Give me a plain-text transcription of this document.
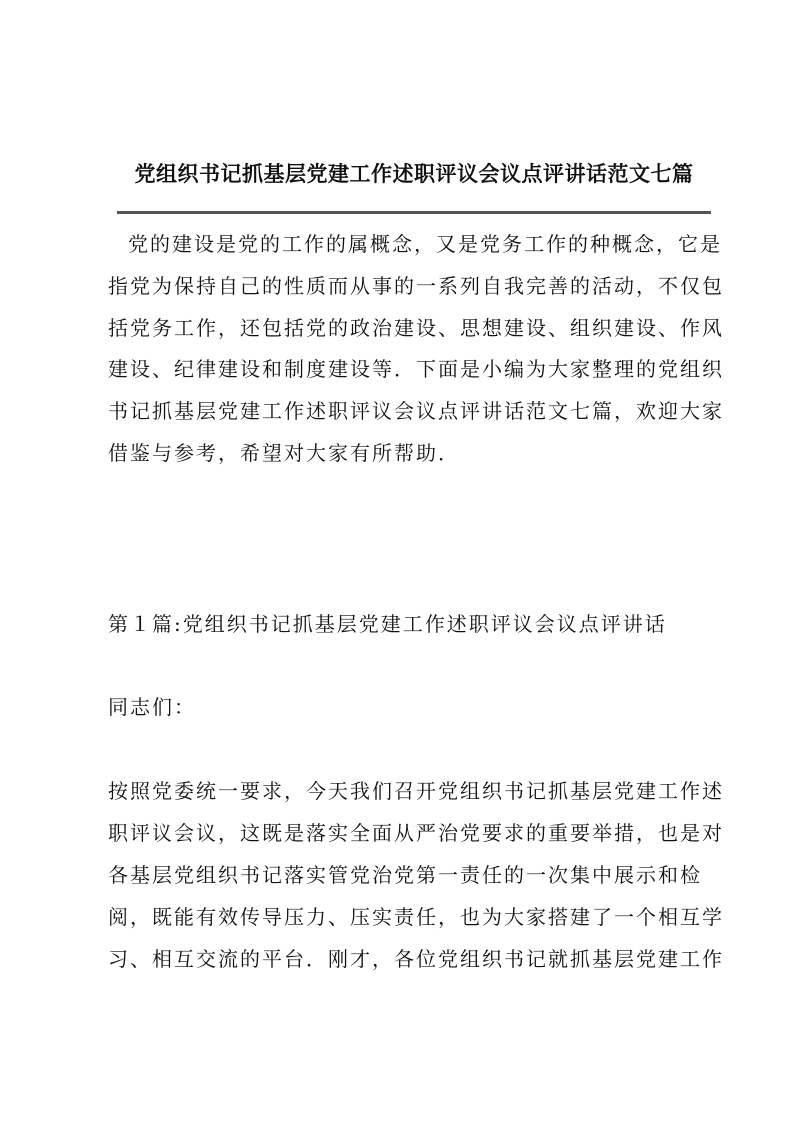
党组织书记抓基层党建工作述职评议会议点评讲话范文七篇

党的建设是党的工作的属概念，又是党务工作的种概念，它是

指党为保持自己的性质而从事的一系列自我完善的活动，不仅包

括党务工作，还包括党的政治建设、思想建设、组织建设、作风

建设、纪律建设和制度建设等．下面是小编为大家整理的党组织

书记抓基层党建工作述职评议会议点评讲话范文七篇，欢迎大家

借鉴与参考，希望对大家有所帮助．

第１篇:党组织书记抓基层党建工作述职评议会议点评讲话

同志们：

按照党委统一要求，今天我们召开党组织书记抓基层党建工作述

职评议会议，这既是落实全面从严治党要求的重要举措，也是对

各基层党组织书记落实管党治党第一责任的一次集中展示和检

阅，既能有效传导压力、压实责任，也为大家搭建了一个相互学

习、相互交流的平台．刚才，各位党组织书记就抓基层党建工作
